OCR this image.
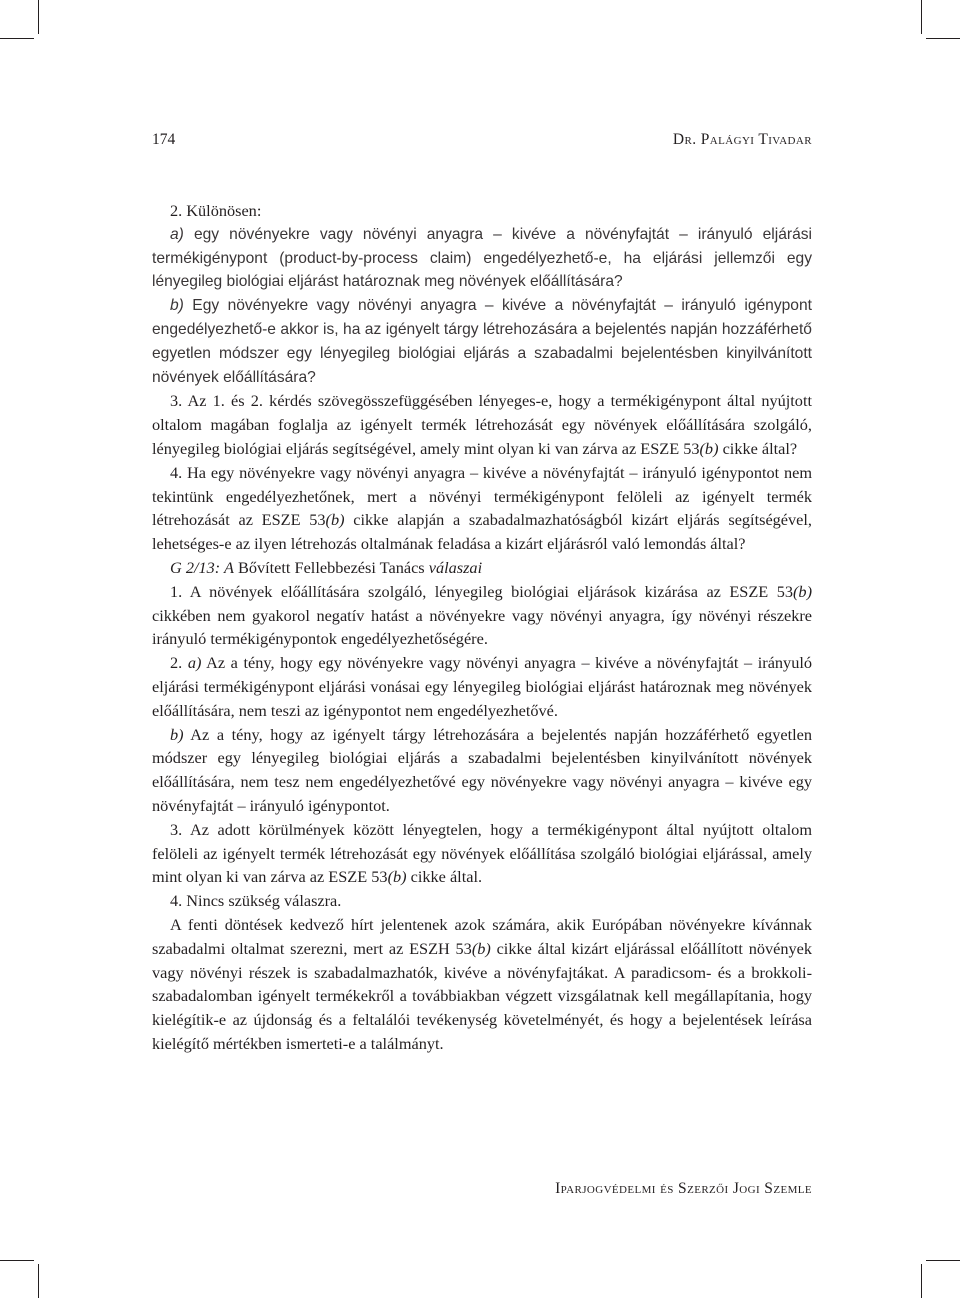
174	Dr. Palágyi Tivadar

2. Különösen:

a) egy növényekre vagy növényi anyagra – kivéve a növényfajtát – irányuló eljárási termékigénypont (product-by-process claim) engedélyezhető-e, ha eljárási jellemzői egy lényegileg biológiai eljárást határoznak meg növények előállítására?

b) Egy növényekre vagy növényi anyagra – kivéve a növényfajtát – irányuló igénypont engedélyezhető-e akkor is, ha az igényelt tárgy létrehozására a bejelentés napján hozzáférhető egyetlen módszer egy lényegileg biológiai eljárás a szabadalmi bejelentésben kinyilvánított növények előállítására?

3. Az 1. és 2. kérdés szövegösszefüggésében lényeges-e, hogy a termékigénypont által nyújtott oltalom magában foglalja az igényelt termék létrehozását egy növények előállítására szolgáló, lényegileg biológiai eljárás segítségével, amely mint olyan ki van zárva az ESZE 53(b) cikke által?

4. Ha egy növényekre vagy növényi anyagra – kivéve a növényfajtát – irányuló igénypontot nem tekintünk engedélyezhetőnek, mert a növényi termékigénypont felöleli az igényelt termék létrehozását az ESZE 53(b) cikke alapján a szabadalmazhatóságból kizárt eljárás segítségével, lehetséges-e az ilyen létrehozás oltalmának feladása a kizárt eljárásról való lemondás által?

G 2/13: A Bővített Fellebbezési Tanács válaszai

1. A növények előállítására szolgáló, lényegileg biológiai eljárások kizárása az ESZE 53(b) cikkében nem gyakorol negatív hatást a növényekre vagy növényi anyagra, így növényi részekre irányuló termékigénypontok engedélyezhetőségére.

2. a) Az a tény, hogy egy növényekre vagy növényi anyagra – kivéve a növényfajtát – irányuló eljárási termékigénypont eljárási vonásai egy lényegileg biológiai eljárást határoznak meg növények előállítására, nem teszi az igénypontot nem engedélyezhetővé.

b) Az a tény, hogy az igényelt tárgy létrehozására a bejelentés napján hozzáférhető egyetlen módszer egy lényegileg biológiai eljárás a szabadalmi bejelentésben kinyilvánított növények előállítására, nem tesz nem engedélyezhetővé egy növényekre vagy növényi anyagra – kivéve egy növényfajtát – irányuló igénypontot.

3. Az adott körülmények között lényegtelen, hogy a termékigénypont által nyújtott oltalom felöleli az igényelt termék létrehozását egy növények előállítása szolgáló biológiai eljárással, amely mint olyan ki van zárva az ESZE 53(b) cikke által.

4. Nincs szükség válaszra.

A fenti döntések kedvező hírt jelentenek azok számára, akik Európában növényekre kívánnak szabadalmi oltalmat szerezni, mert az ESZH 53(b) cikke által kizárt eljárással előállított növények vagy növényi részek is szabadalmazhatók, kivéve a növényfajtákat. A paradicsom- és a brokkoli-szabadalomban igényelt termékekről a továbbiakban végzett vizsgálatnak kell megállapítania, hogy kielégítik-e az újdonság és a feltalálói tevékenység követelményét, és hogy a bejelentések leírása kielégítő mértékben ismerteti-e a találmányt.

Iparjogvédelmi és Szerzői Jogi Szemle
